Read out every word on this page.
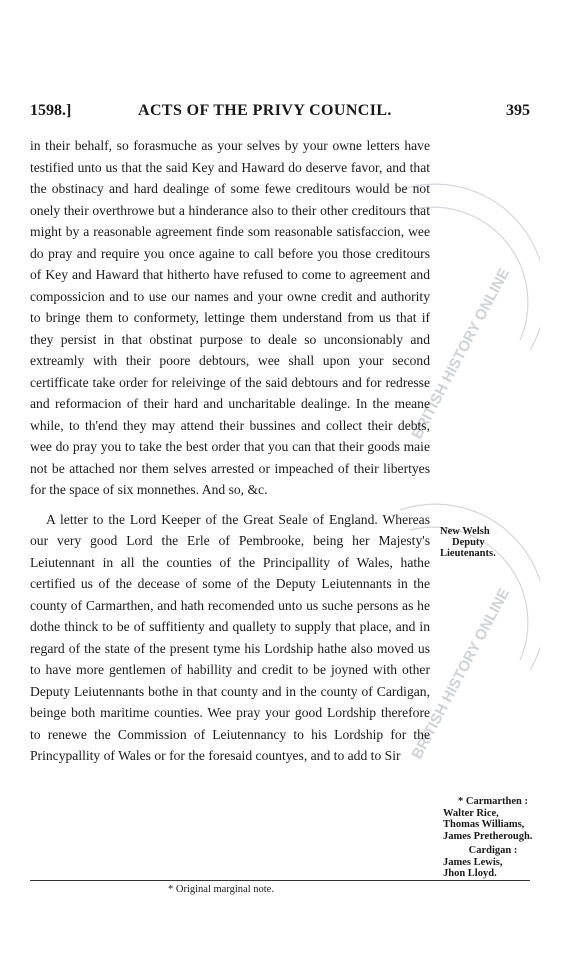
1598.]	ACTS OF THE PRIVY COUNCIL.	395
BRITISH HISTORY ONLINE
BRITISH HISTORY ONLINE

in their behalf, so forasmuche as your selves by your owne letters have testified unto us that the said Key and Haward do deserve favor, and that the obstinacy and hard dealinge of some fewe creditours would be not onely their overthrowe but a hinderance also to their other creditours that might by a reasonable agreement finde som reasonable satisfaccion, wee do pray and require you once againe to call before you those creditours of Key and Haward that hitherto have refused to come to agreement and compossicion and to use our names and your owne credit and authority to bringe them to conformety, lettinge them understand from us that if they persist in that obstinat purpose to deale so unconsionably and extreamly with their poore debtours, wee shall upon your second certifficate take order for releivinge of the said debtours and for redresse and reformacion of their hard and uncharitable dealinge. In the meane while, to th'end they may attend their bussines and collect their debts, wee do pray you to take the best order that you can that their goods maie not be attached nor them selves arrested or impeached of their libertyes for the space of six monnethes. And so, &c.

A letter to the Lord Keeper of the Great Seale of England. Whereas our very good Lord the Erle of Pembrooke, being her Majesty's Leiutennant in all the counties of the Principallity of Wales, hathe certified us of the decease of some of the Deputy Leiutennants in the county of Carmarthen, and hath recomended unto us suche persons as he dothe thinck to be of suffitienty and quallety to supply that place, and in regard of the state of the present tyme his Lordship hathe also moved us to have more gentlemen of habillity and credit to be joyned with other Deputy Leiutennants bothe in that county and in the county of Cardigan, beinge both maritime counties. Wee pray your good Lordship therefore to renewe the Commission of Leiutennancy to his Lordship for the Princypallity of Wales or for the foresaid countyes, and to add to Sir

New Welsh
Deputy
Lieutenants.
* Carmarthen :
Walter Rice,
Thomas Williams,
James Pretherough.
Cardigan :
James Lewis,
Jhon Lloyd.
* Original marginal note.
